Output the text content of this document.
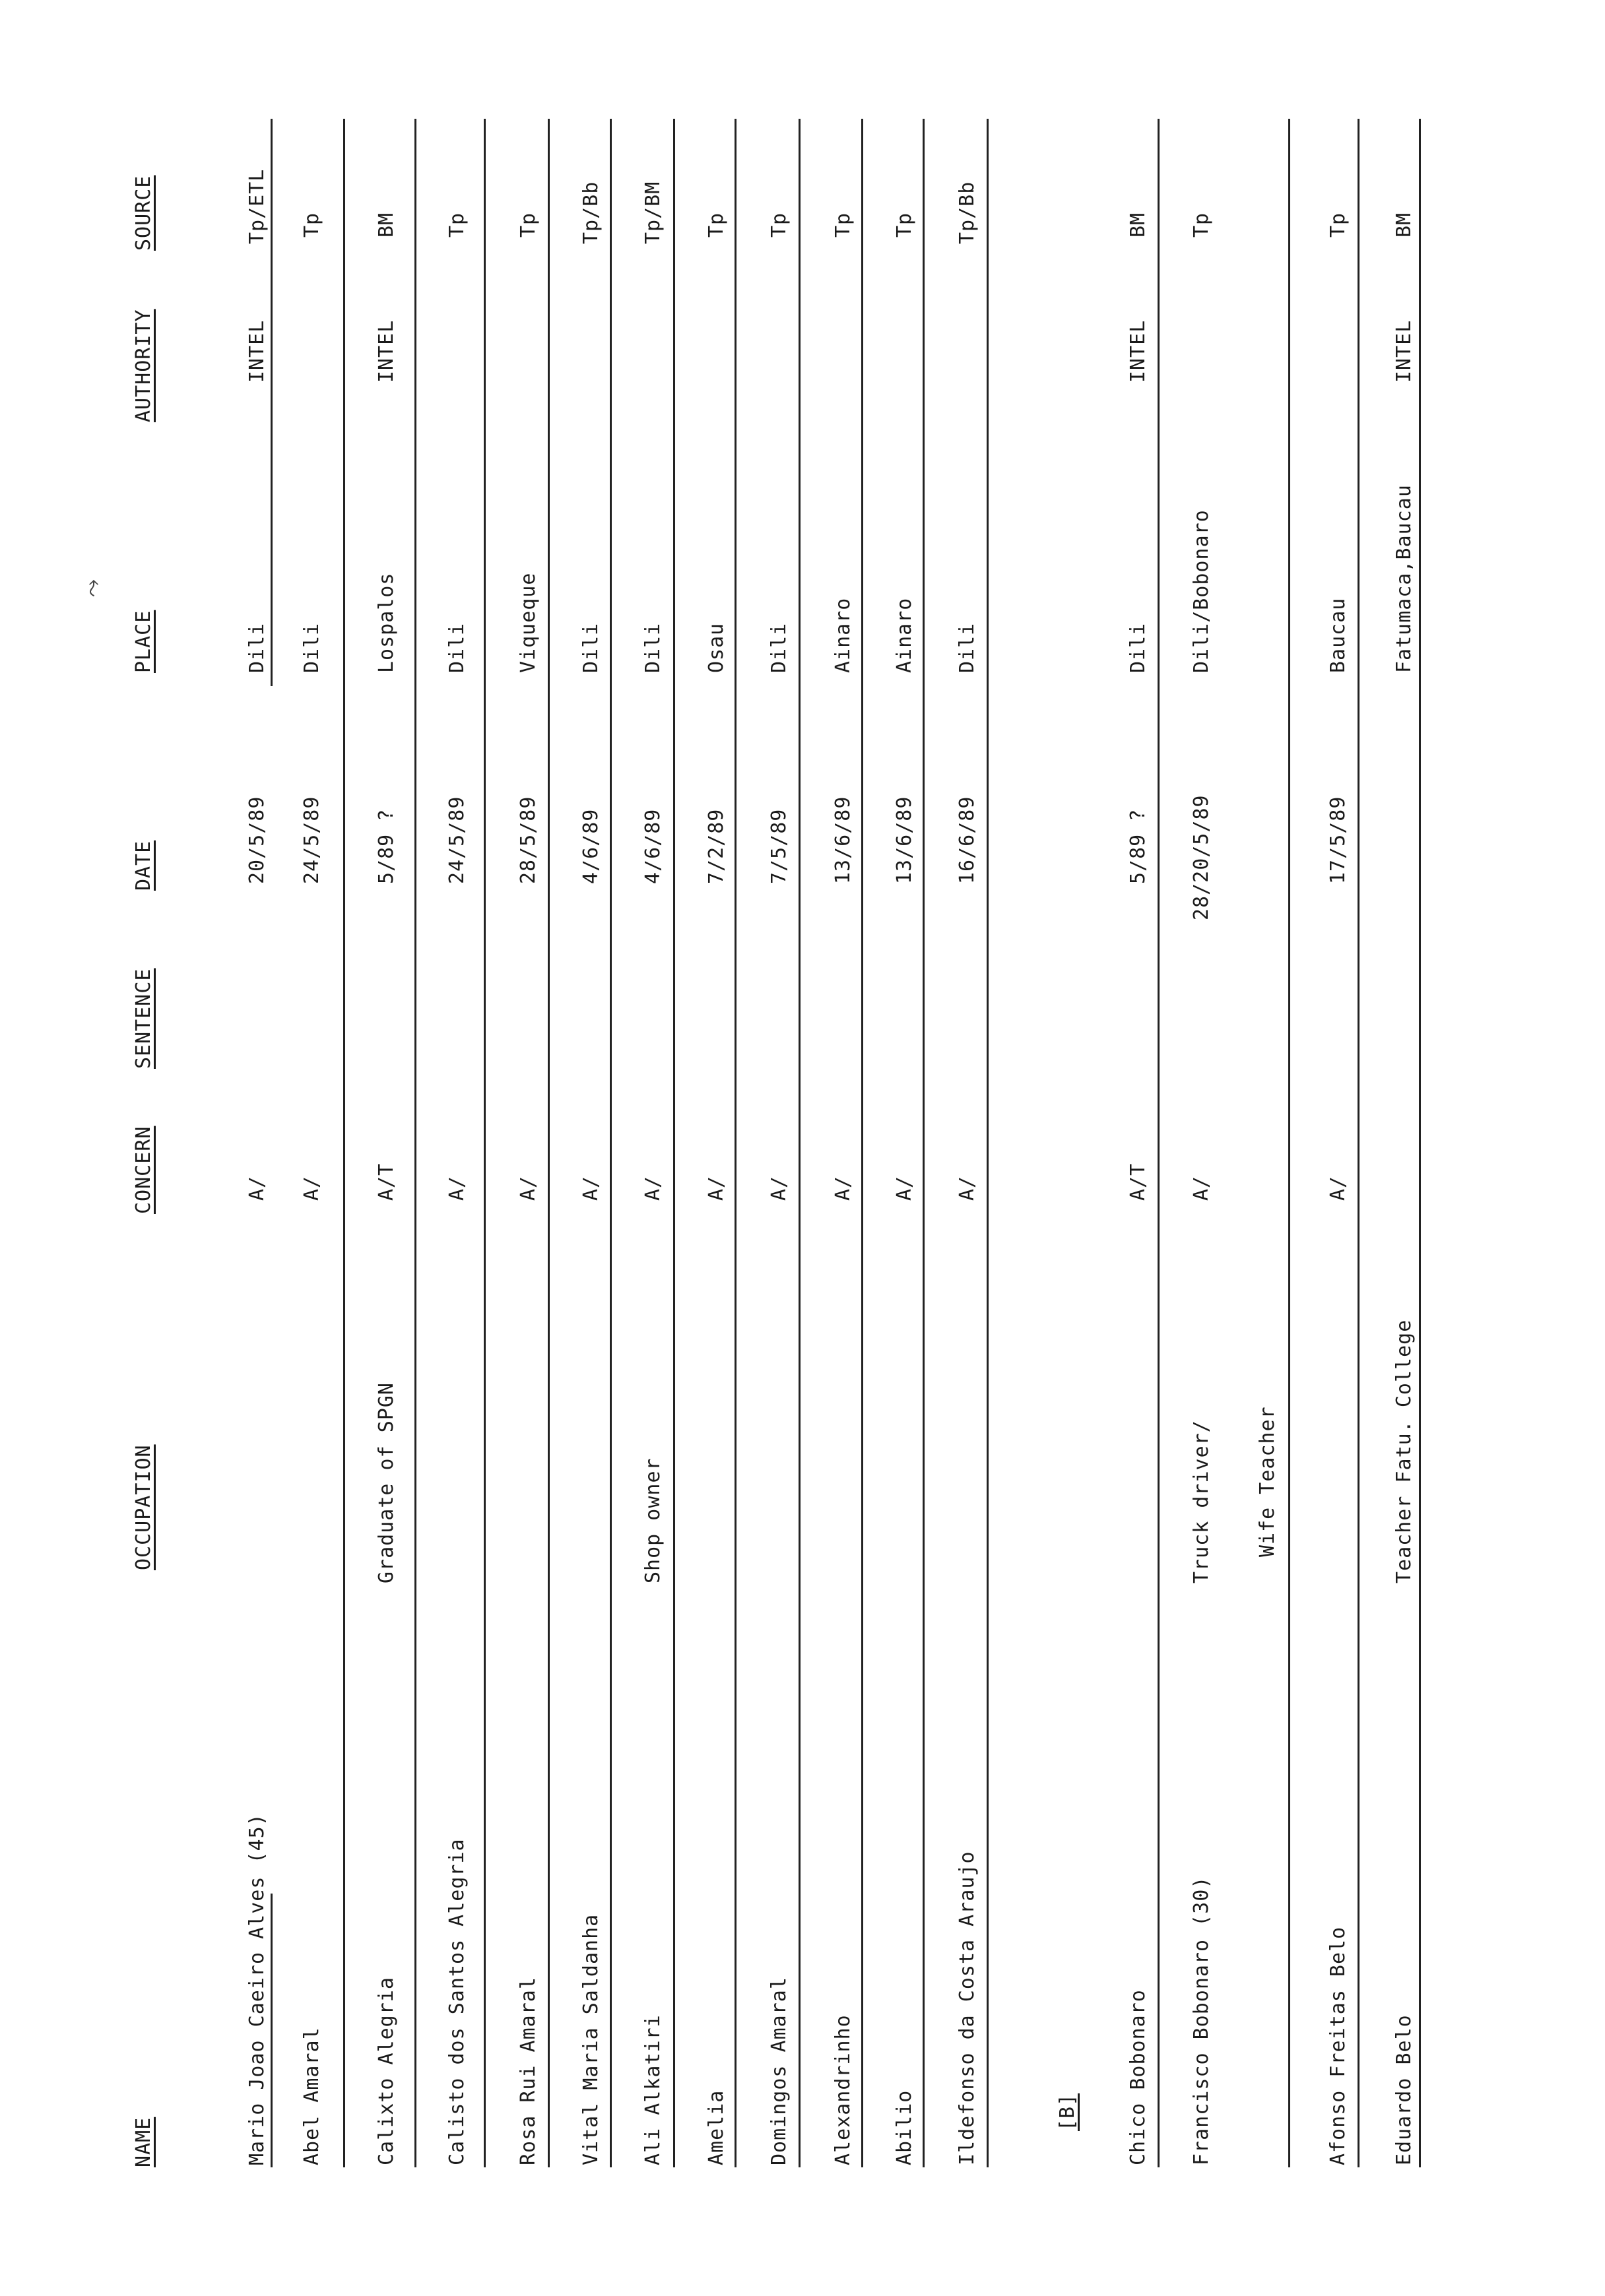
NAME
OCCUPATION
CONCERN
SENTENCE
DATE
PLACE
AUTHORITY
SOURCE
Mario Joao Caeiro Alves (45)
A/
20/5/89
Dili
INTEL
Tp/ETL
Abel Amaral
A/
24/5/89
Dili
Tp
Calixto Alegria
Graduate of SPGN
A/T
5/89 ?
Lospalos
INTEL
BM
Calisto dos Santos Alegria
A/
24/5/89
Dili
Tp
Rosa Rui Amaral
A/
28/5/89
Viqueque
Tp
Vital Maria Saldanha
A/
4/6/89
Dili
Tp/Bb
Ali Alkatiri
Shop owner
A/
4/6/89
Dili
Tp/BM
Amelia
A/
7/2/89
Osau
Tp
Domingos Amaral
A/
7/5/89
Dili
Tp
Alexandrinho
A/
13/6/89
Ainaro
Tp
Abilio
A/
13/6/89
Ainaro
Tp
Ildefonso da Costa Araujo
A/
16/6/89
Dili
Tp/Bb
[B] Chico Bobonaro
A/T
5/89 ?
Dili
INTEL
BM
Francisco Bobonaro (30)
Truck driver/
A/
28/20/5/89
Dili/Bobonaro
Tp
Wife Teacher
Afonso Freitas Belo
A/
17/5/89
Baucau
Tp
Eduardo Belo
Teacher Fatu. College
Fatumaca,Baucau
INTEL
BM
⤳
